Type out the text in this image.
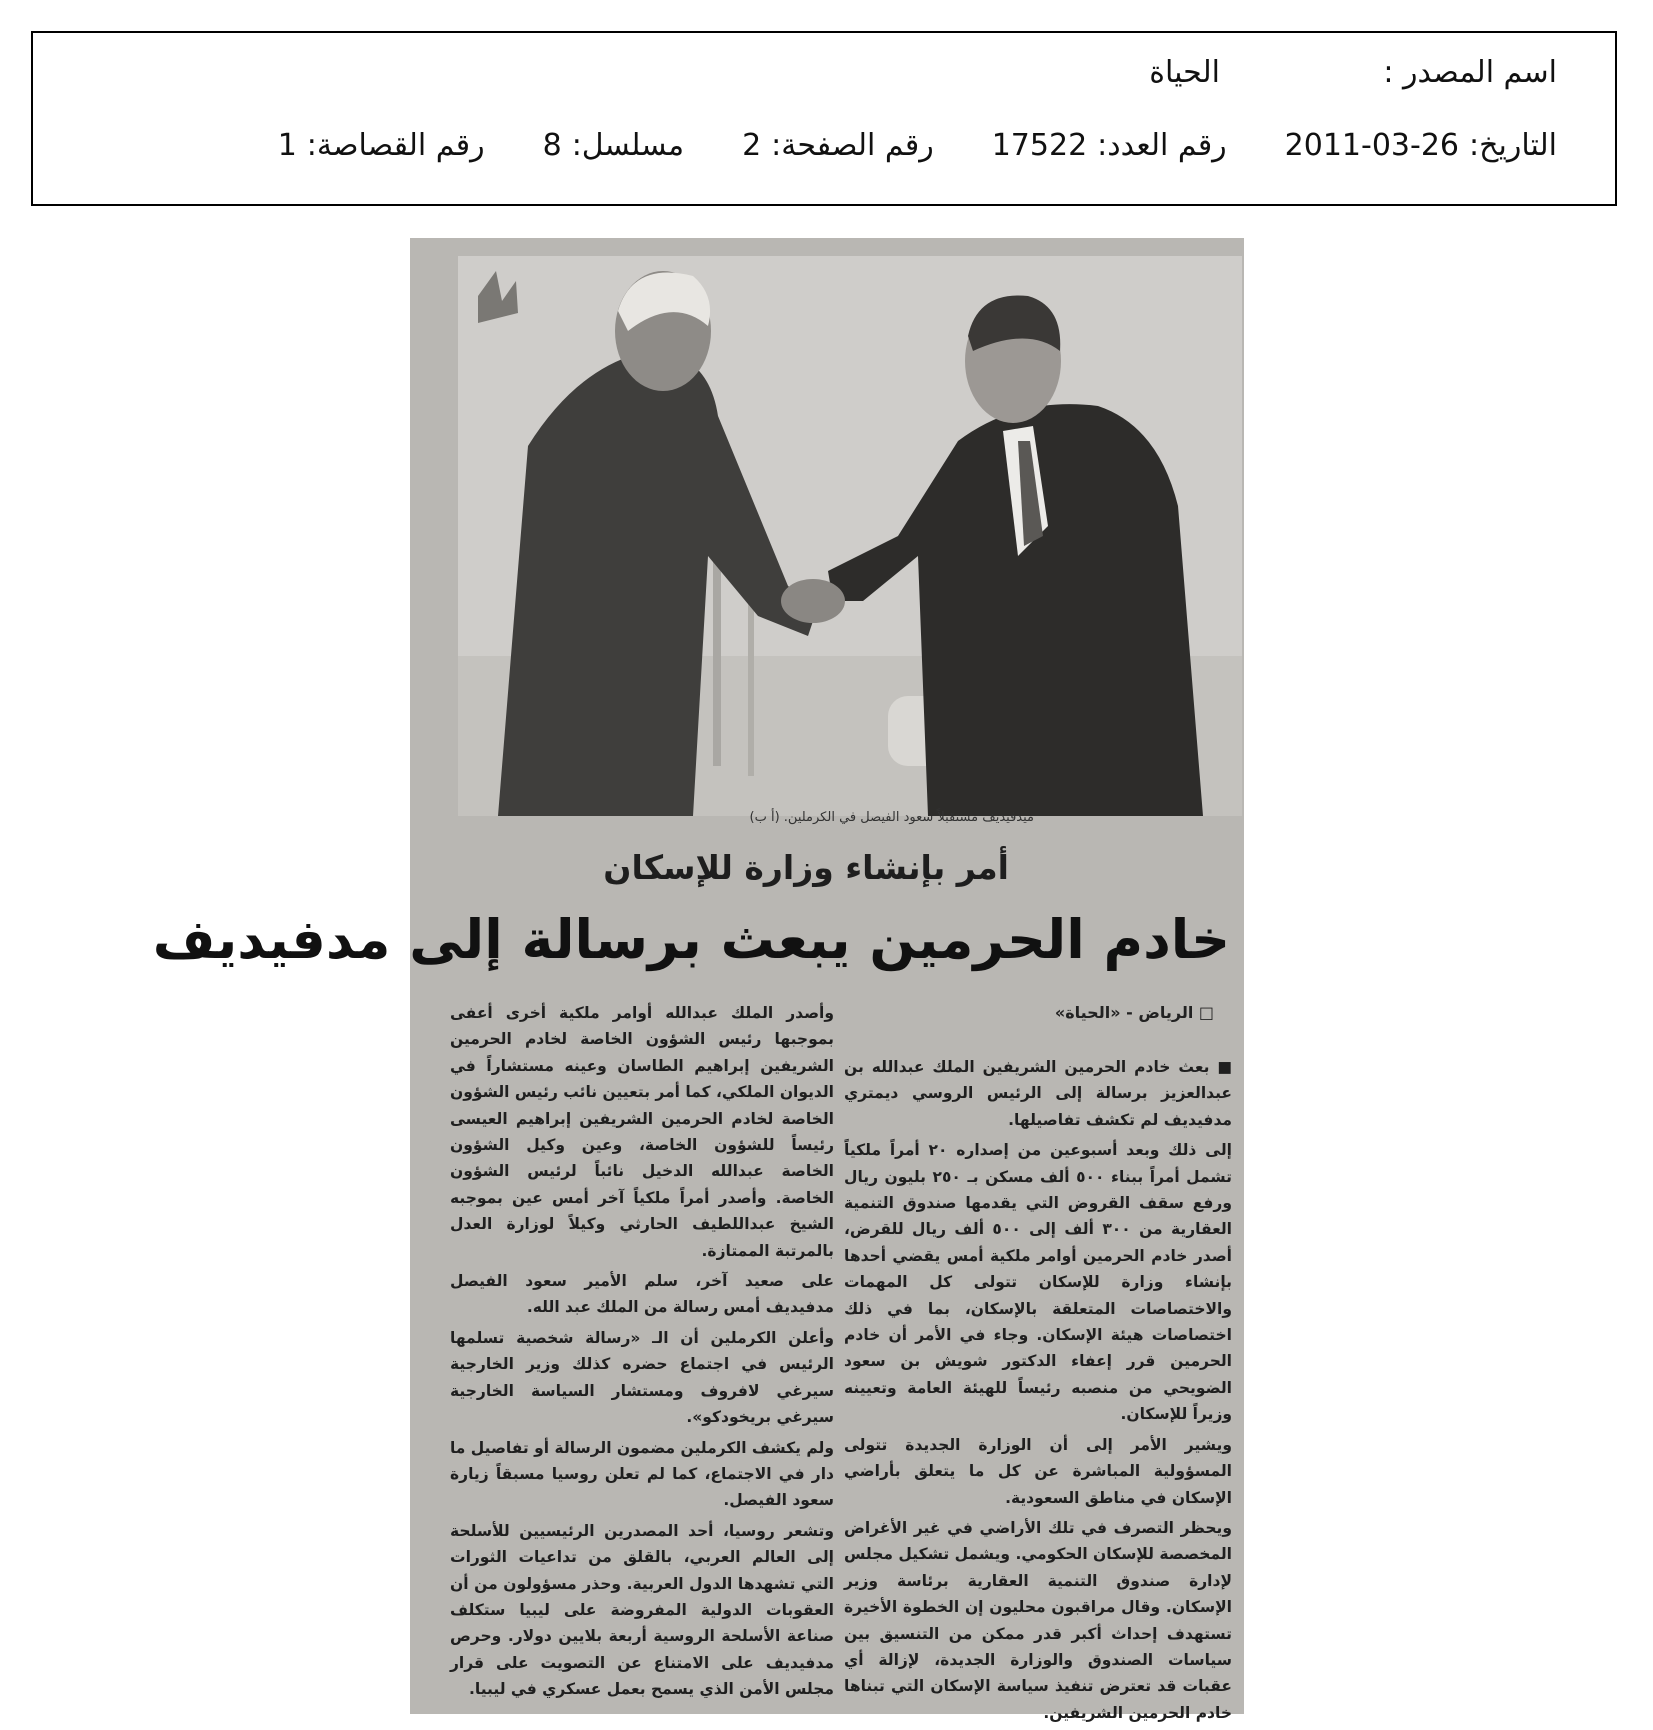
اسم المصدر :
الحياة
التاريخ:2011-03-26
رقم العدد:17522
رقم الصفحة:2
مسلسل:8
رقم القصاصة:1
ميدفيديف مستقبلاً سعود الفيصل في الكرملين. (أ ب)
أمر بإنشاء وزارة للإسكان
خادم الحرمين يبعث برسالة إلى مدفيديف
□ الرياض - «الحياة»

■ بعث خادم الحرمين الشريفين الملك عبدالله بن عبدالعزيز برسالة إلى الرئيس الروسي ديمتري مدفيديف لم تكشف تفاصيلها.

إلى ذلك وبعد أسبوعين من إصداره ٢٠ أمراً ملكياً تشمل أمراً ببناء ٥٠٠ ألف مسكن بـ ٢٥٠ بليون ريال ورفع سقف القروض التي يقدمها صندوق التنمية العقارية من ٣٠٠ ألف إلى ٥٠٠ ألف ريال للقرض، أصدر خادم الحرمين أوامر ملكية أمس يقضي أحدها بإنشاء وزارة للإسكان تتولى كل المهمات والاختصاصات المتعلقة بالإسكان، بما في ذلك اختصاصات هيئة الإسكان. وجاء في الأمر أن خادم الحرمين قرر إعفاء الدكتور شويش بن سعود الضويحي من منصبه رئيساً للهيئة العامة وتعيينه وزيراً للإسكان.

ويشير الأمر إلى أن الوزارة الجديدة تتولى المسؤولية المباشرة عن كل ما يتعلق بأراضي الإسكان في مناطق السعودية.

ويحظر التصرف في تلك الأراضي في غير الأغراض المخصصة للإسكان الحكومي. ويشمل تشكيل مجلس لإدارة صندوق التنمية العقارية برئاسة وزير الإسكان. وقال مراقبون محليون إن الخطوة الأخيرة تستهدف إحداث أكبر قدر ممكن من التنسيق بين سياسات الصندوق والوزارة الجديدة، لإزالة أي عقبات قد تعترض تنفيذ سياسة الإسكان التي تبناها خادم الحرمين الشريفين.

وأصدر الملك عبدالله أوامر ملكية أخرى أعفى بموجبها رئيس الشؤون الخاصة لخادم الحرمين الشريفين إبراهيم الطاسان وعينه مستشاراً في الديوان الملكي، كما أمر بتعيين نائب رئيس الشؤون الخاصة لخادم الحرمين الشريفين إبراهيم العيسى رئيساً للشؤون الخاصة، وعين وكيل الشؤون الخاصة عبدالله الدخيل نائباً لرئيس الشؤون الخاصة. وأصدر أمراً ملكياً آخر أمس عين بموجبه الشيخ عبداللطيف الحارثي وكيلاً لوزارة العدل بالمرتبة الممتازة.

على صعيد آخر، سلم الأمير سعود الفيصل مدفيديف أمس رسالة من الملك عبد الله.

وأعلن الكرملين أن الـ «رسالة شخصية تسلمها الرئيس في اجتماع حضره كذلك وزير الخارجية سيرغي لافروف ومستشار السياسة الخارجية سيرغي بريخودكو».

ولم يكشف الكرملين مضمون الرسالة أو تفاصيل ما دار في الاجتماع، كما لم تعلن روسيا مسبقاً زيارة سعود الفيصل.

وتشعر روسيا، أحد المصدرين الرئيسيين للأسلحة إلى العالم العربي، بالقلق من تداعيات الثورات التي تشهدها الدول العربية. وحذر مسؤولون من أن العقوبات الدولية المفروضة على ليبيا ستكلف صناعة الأسلحة الروسية أربعة بلايين دولار. وحرص مدفيديف على الامتناع عن التصويت على قرار مجلس الأمن الذي يسمح بعمل عسكري في ليبيا.
